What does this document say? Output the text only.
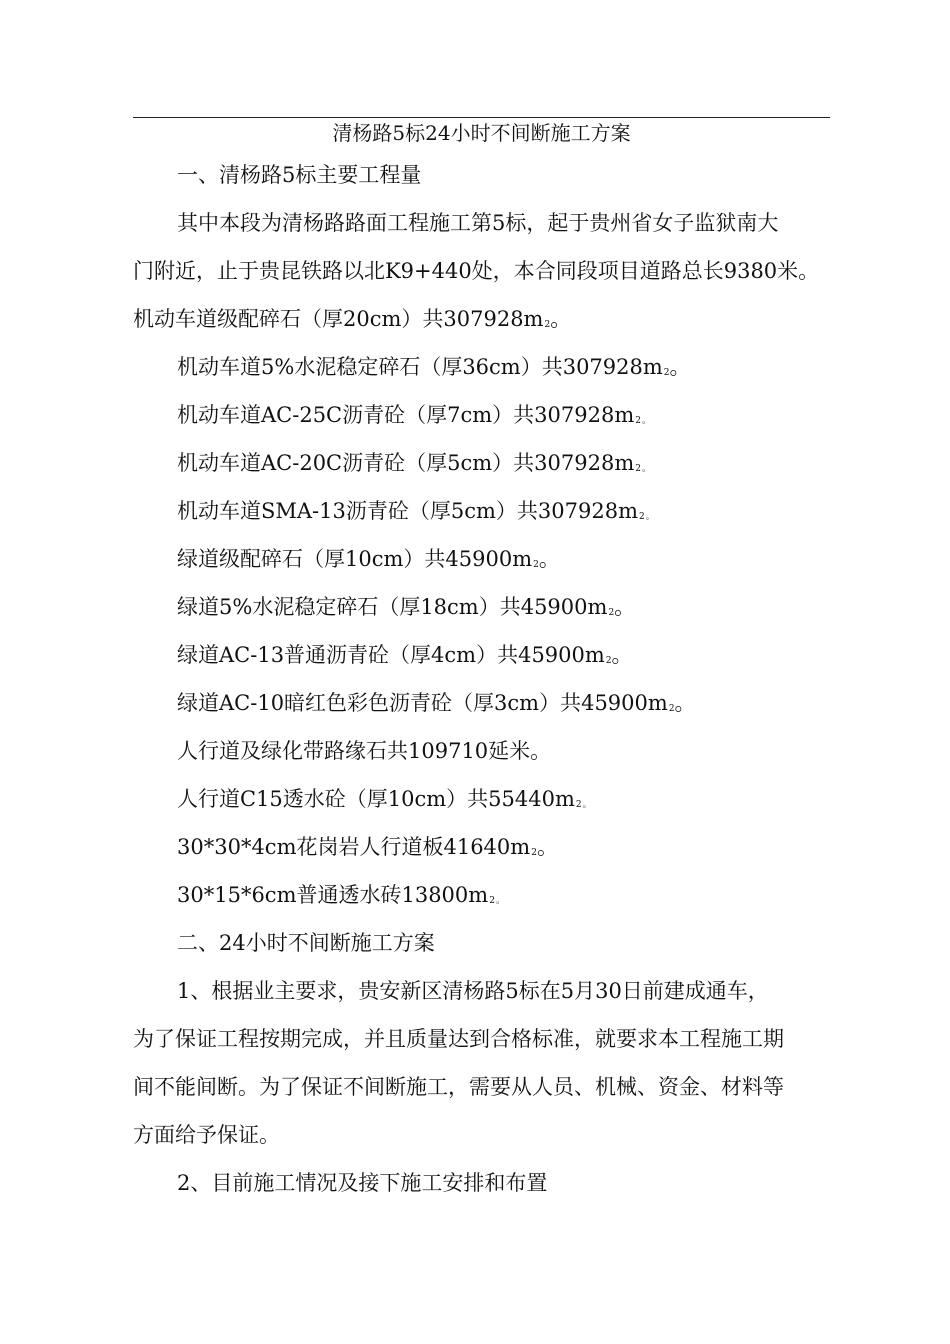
清杨路5标24小时不间断施工方案
一、清杨路5标主要工程量
其中本段为清杨路路面工程施工第5标，起于贵州省女子监狱南大
门附近，止于贵昆铁路以北K9+440处，本合同段项目道路总长9380米。
机动车道级配碎石（厚20cm）共307928m2。
机动车道5%水泥稳定碎石（厚36cm）共307928m2。
机动车道AC-25C沥青砼（厚7cm）共307928m2。
机动车道AC-20C沥青砼（厚5cm）共307928m2。
机动车道SMA-13沥青砼（厚5cm）共307928m2。
绿道级配碎石（厚10cm）共45900m2。
绿道5%水泥稳定碎石（厚18cm）共45900m2。
绿道AC-13普通沥青砼（厚4cm）共45900m2。
绿道AC-10暗红色彩色沥青砼（厚3cm）共45900m2。
人行道及绿化带路缘石共109710延米。
人行道C15透水砼（厚10cm）共55440m2。
30*30*4cm花岗岩人行道板41640m2。
30*15*6cm普通透水砖13800m2。
二、24小时不间断施工方案
1、根据业主要求，贵安新区清杨路5标在5月30日前建成通车，
为了保证工程按期完成，并且质量达到合格标准，就要求本工程施工期
间不能间断。为了保证不间断施工，需要从人员、机械、资金、材料等
方面给予保证。
2、目前施工情况及接下施工安排和布置
